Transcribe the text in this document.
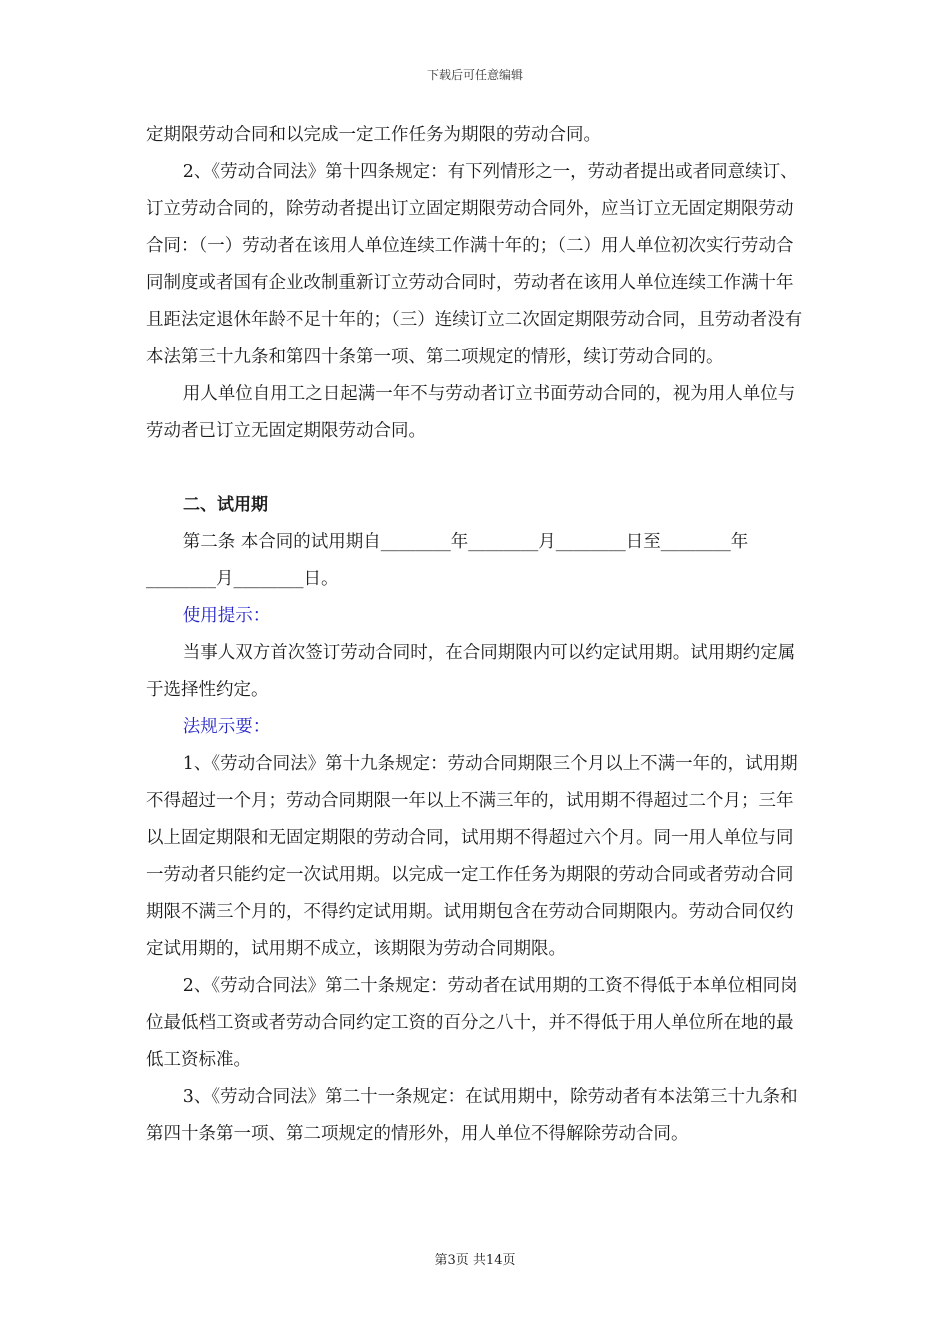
下载后可任意编辑

定期限劳动合同和以完成一定工作任务为期限的劳动合同。

2、《劳动合同法》第十四条规定：有下列情形之一，劳动者提出或者同意续订、订立劳动合同的，除劳动者提出订立固定期限劳动合同外，应当订立无固定期限劳动合同：（一）劳动者在该用人单位连续工作满十年的；（二）用人单位初次实行劳动合同制度或者国有企业改制重新订立劳动合同时，劳动者在该用人单位连续工作满十年且距法定退休年龄不足十年的；（三）连续订立二次固定期限劳动合同，且劳动者没有本法第三十九条和第四十条第一项、第二项规定的情形，续订劳动合同的。

用人单位自用工之日起满一年不与劳动者订立书面劳动合同的，视为用人单位与劳动者已订立无固定期限劳动合同。

二、试用期

第二条 本合同的试用期自________年________月________日至________年________月________日。

使用提示：

当事人双方首次签订劳动合同时，在合同期限内可以约定试用期。试用期约定属于选择性约定。

法规示要：

1、《劳动合同法》第十九条规定：劳动合同期限三个月以上不满一年的，试用期不得超过一个月；劳动合同期限一年以上不满三年的，试用期不得超过二个月；三年以上固定期限和无固定期限的劳动合同，试用期不得超过六个月。同一用人单位与同一劳动者只能约定一次试用期。以完成一定工作任务为期限的劳动合同或者劳动合同期限不满三个月的，不得约定试用期。试用期包含在劳动合同期限内。劳动合同仅约定试用期的，试用期不成立，该期限为劳动合同期限。

2、《劳动合同法》第二十条规定：劳动者在试用期的工资不得低于本单位相同岗位最低档工资或者劳动合同约定工资的百分之八十，并不得低于用人单位所在地的最低工资标准。

3、《劳动合同法》第二十一条规定：在试用期中，除劳动者有本法第三十九条和第四十条第一项、第二项规定的情形外，用人单位不得解除劳动合同。

第3页 共14页
